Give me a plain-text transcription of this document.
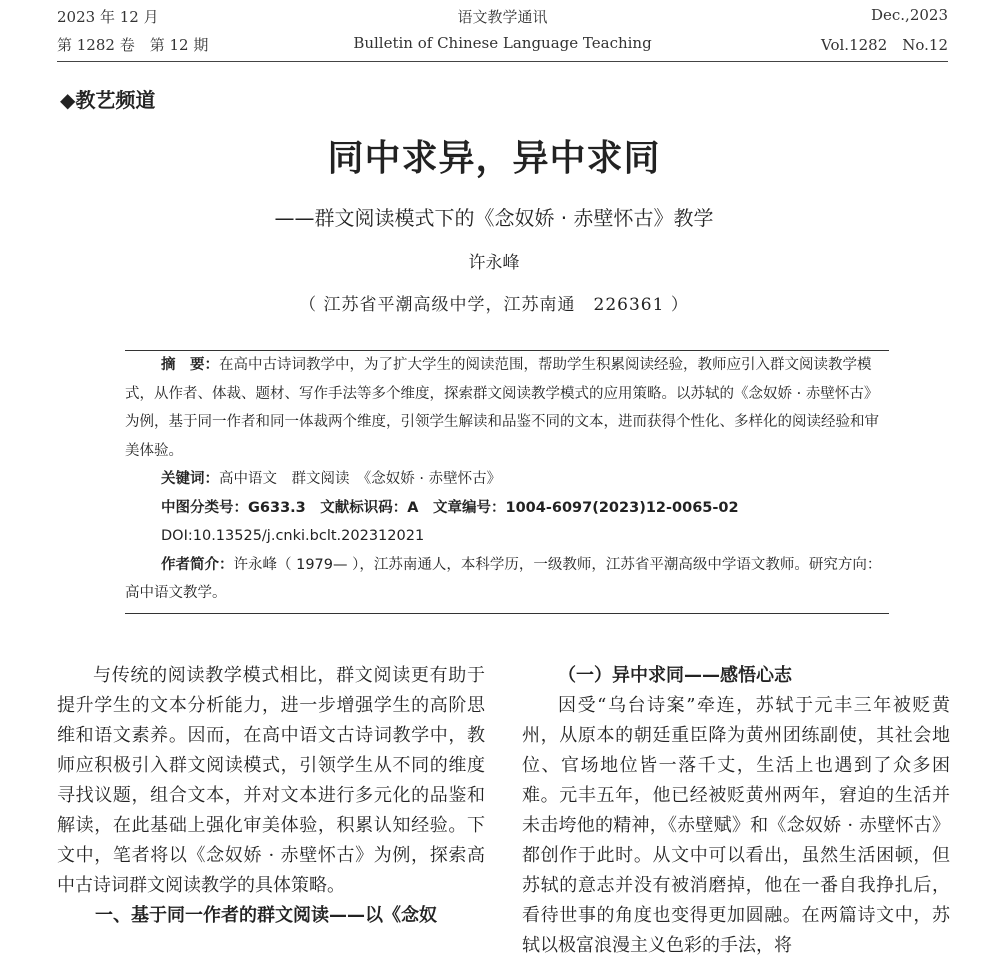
2023 年 12 月	语文教学通讯	Dec.,2023
第 1282 卷　第 12 期	Bulletin of Chinese Language Teaching	Vol.1282　No.12
◆教艺频道
同中求异，异中求同
——群文阅读模式下的《念奴娇 · 赤壁怀古》教学
许永峰
（ 江苏省平潮高级中学，江苏南通　226361 ）

摘　要：在高中古诗词教学中，为了扩大学生的阅读范围，帮助学生积累阅读经验，教师应引入群文阅读教学模式，从作者、体裁、题材、写作手法等多个维度，探索群文阅读教学模式的应用策略。以苏轼的《念奴娇 · 赤壁怀古》为例，基于同一作者和同一体裁两个维度，引领学生解读和品鉴不同的文本，进而获得个性化、多样化的阅读经验和审美体验。

关键词：高中语文　群文阅读　《念奴娇 · 赤壁怀古》

中图分类号：G633.3　文献标识码：A　文章编号：1004-6097(2023)12-0065-02

DOI:10.13525/j.cnki.bclt.202312021

作者简介：许永峰（ 1979— ），江苏南通人，本科学历，一级教师，江苏省平潮高级中学语文教师。研究方向：高中语文教学。

与传统的阅读教学模式相比，群文阅读更有助于提升学生的文本分析能力，进一步增强学生的高阶思维和语文素养。因而，在高中语文古诗词教学中，教师应积极引入群文阅读模式，引领学生从不同的维度寻找议题，组合文本，并对文本进行多元化的品鉴和解读，在此基础上强化审美体验，积累认知经验。下文中，笔者将以《念奴娇 · 赤壁怀古》为例，探索高中古诗词群文阅读教学的具体策略。

一、基于同一作者的群文阅读——以《念奴

（一）异中求同——感悟心志

因受“乌台诗案”牵连，苏轼于元丰三年被贬黄州，从原本的朝廷重臣降为黄州团练副使，其社会地位、官场地位皆一落千丈，生活上也遇到了众多困难。元丰五年，他已经被贬黄州两年，窘迫的生活并未击垮他的精神，《赤壁赋》和《念奴娇 · 赤壁怀古》都创作于此时。从文中可以看出，虽然生活困顿，但苏轼的意志并没有被消磨掉，他在一番自我挣扎后，看待世事的角度也变得更加圆融。在两篇诗文中，苏轼以极富浪漫主义色彩的手法，将
